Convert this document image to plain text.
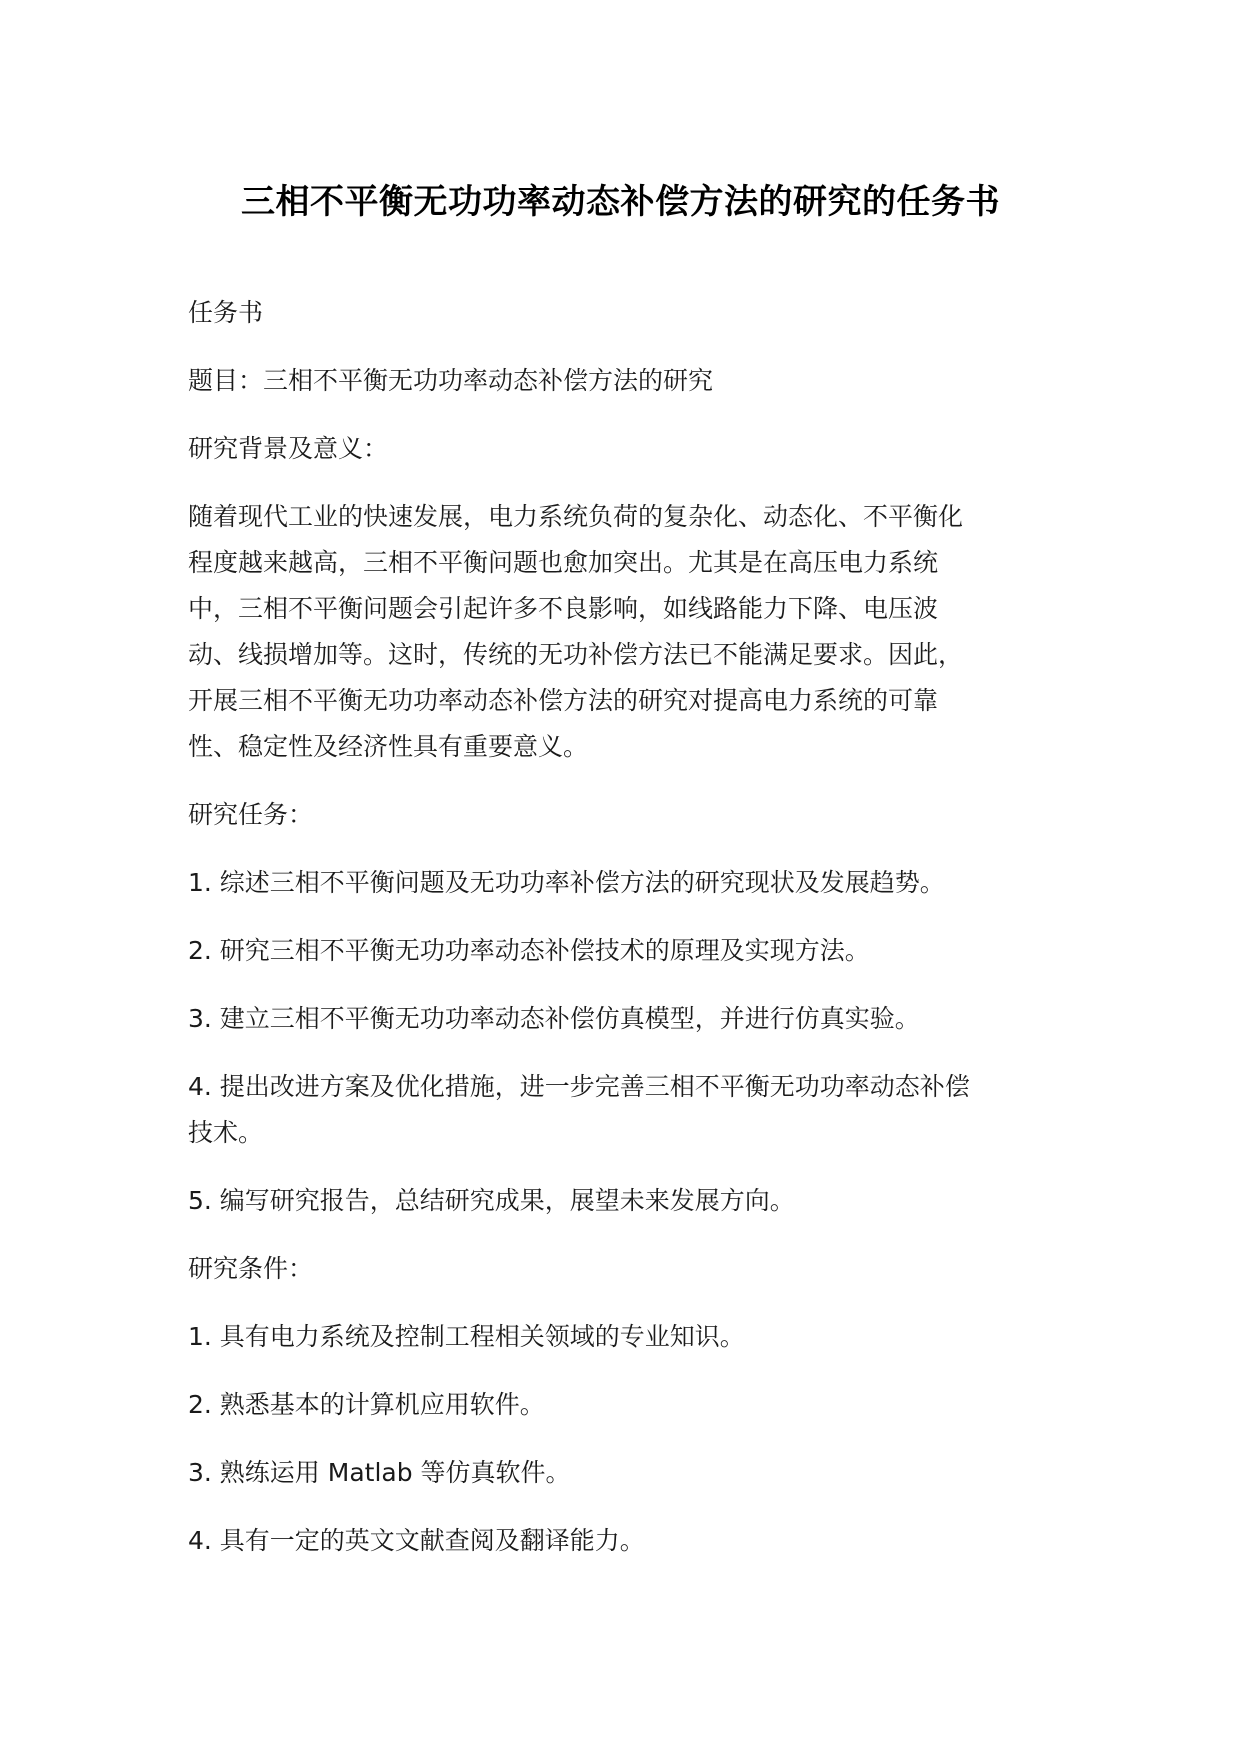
三相不平衡无功功率动态补偿方法的研究的任务书

任务书

题目：三相不平衡无功功率动态补偿方法的研究

研究背景及意义：

随着现代工业的快速发展，电力系统负荷的复杂化、动态化、不平衡化程度越来越高，三相不平衡问题也愈加突出。尤其是在高压电力系统中，三相不平衡问题会引起许多不良影响，如线路能力下降、电压波动、线损增加等。这时，传统的无功补偿方法已不能满足要求。因此，开展三相不平衡无功功率动态补偿方法的研究对提高电力系统的可靠性、稳定性及经济性具有重要意义。

研究任务：

1. 综述三相不平衡问题及无功功率补偿方法的研究现状及发展趋势。

2. 研究三相不平衡无功功率动态补偿技术的原理及实现方法。

3. 建立三相不平衡无功功率动态补偿仿真模型，并进行仿真实验。

4. 提出改进方案及优化措施，进一步完善三相不平衡无功功率动态补偿技术。

5. 编写研究报告，总结研究成果，展望未来发展方向。

研究条件：

1. 具有电力系统及控制工程相关领域的专业知识。

2. 熟悉基本的计算机应用软件。

3. 熟练运用 Matlab 等仿真软件。

4. 具有一定的英文文献查阅及翻译能力。
